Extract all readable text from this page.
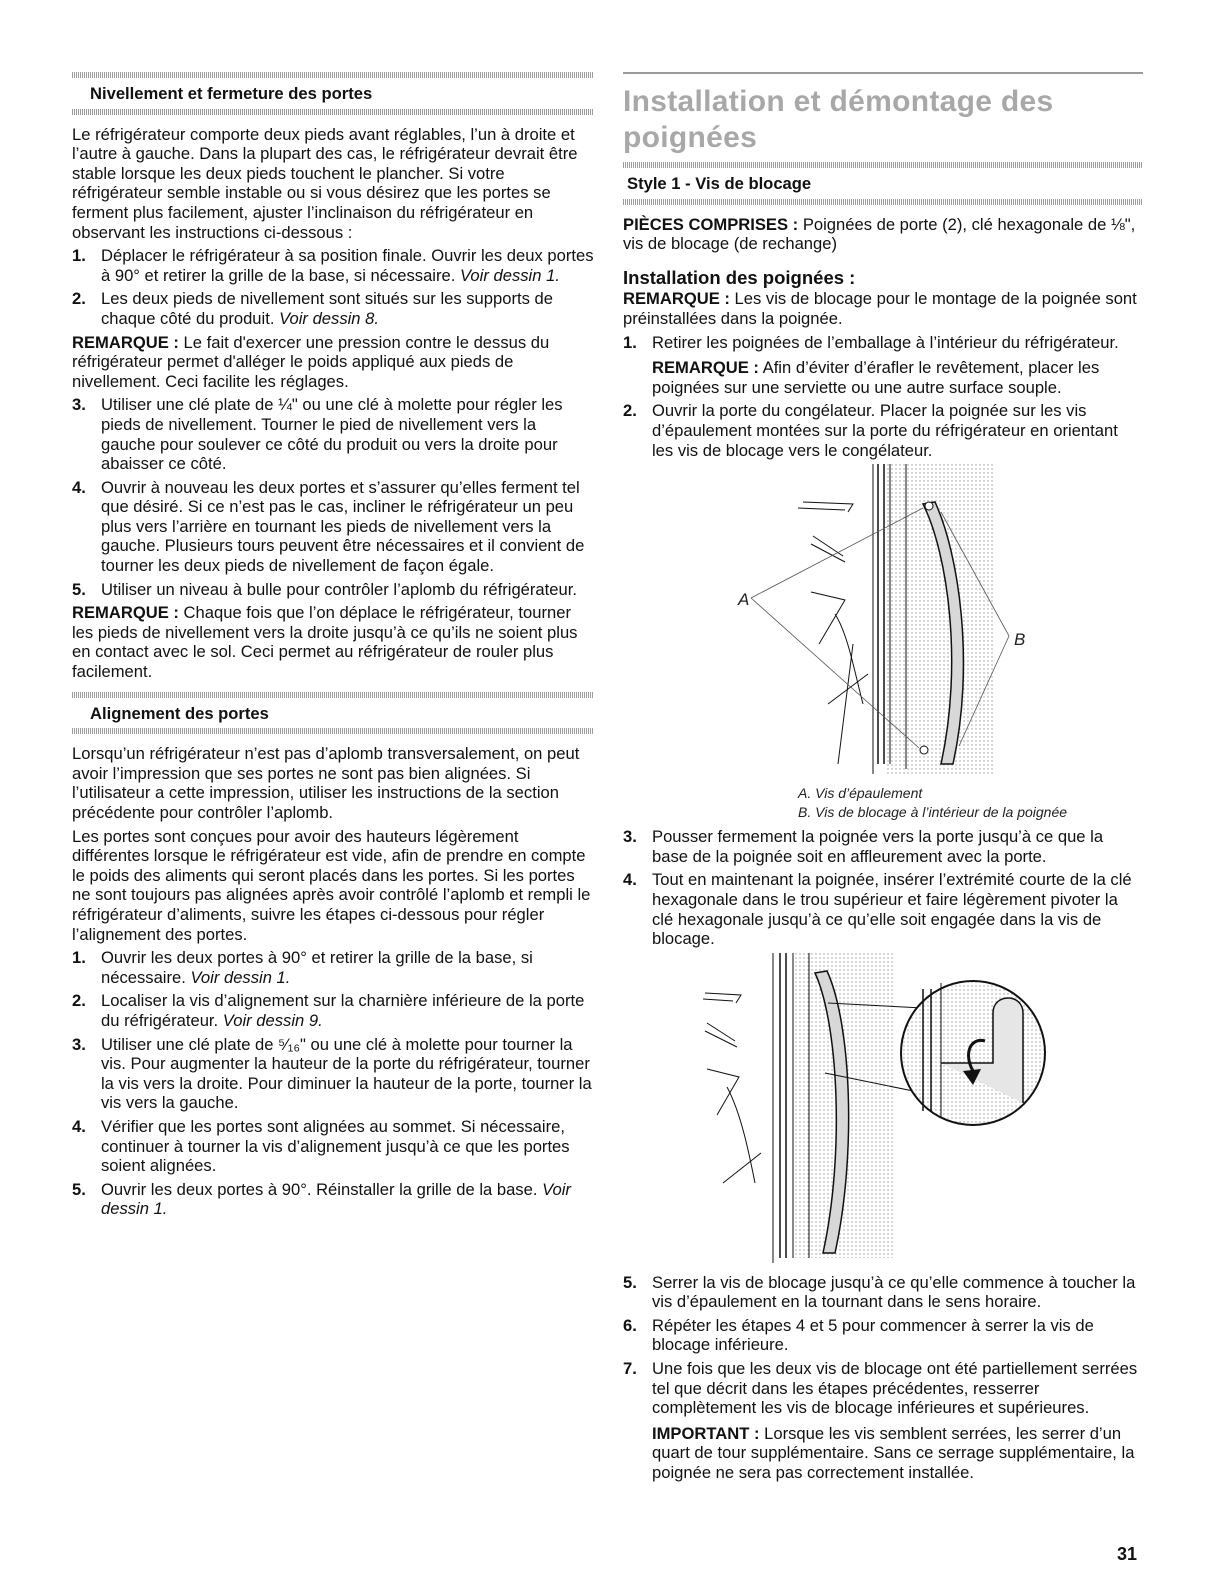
Nivellement et fermeture des portes

Le réfrigérateur comporte deux pieds avant réglables, l’un à droite et l’autre à gauche. Dans la plupart des cas, le réfrigérateur devrait être stable lorsque les deux pieds touchent le plancher. Si votre réfrigérateur semble instable ou si vous désirez que les portes se ferment plus facilement, ajuster l’inclinaison du réfrigérateur en observant les instructions ci-dessous :

1. Déplacer le réfrigérateur à sa position finale. Ouvrir les deux portes à 90° et retirer la grille de la base, si nécessaire. Voir dessin 1.
2. Les deux pieds de nivellement sont situés sur les supports de chaque côté du produit. Voir dessin 8.

REMARQUE : Le fait d'exercer une pression contre le dessus du réfrigérateur permet d'alléger le poids appliqué aux pieds de nivellement. Ceci facilite les réglages.

3. Utiliser une clé plate de ¼" ou une clé à molette pour régler les pieds de nivellement. Tourner le pied de nivellement vers la gauche pour soulever ce côté du produit ou vers la droite pour abaisser ce côté.
4. Ouvrir à nouveau les deux portes et s’assurer qu’elles ferment tel que désiré. Si ce n’est pas le cas, incliner le réfrigérateur un peu plus vers l’arrière en tournant les pieds de nivellement vers la gauche. Plusieurs tours peuvent être nécessaires et il convient de tourner les deux pieds de nivellement de façon égale.
5. Utiliser un niveau à bulle pour contrôler l’aplomb du réfrigérateur.

REMARQUE : Chaque fois que l’on déplace le réfrigérateur, tourner les pieds de nivellement vers la droite jusqu’à ce qu’ils ne soient plus en contact avec le sol. Ceci permet au réfrigérateur de rouler plus facilement.

Alignement des portes

Lorsqu’un réfrigérateur n’est pas d’aplomb transversalement, on peut avoir l’impression que ses portes ne sont pas bien alignées. Si l’utilisateur a cette impression, utiliser les instructions de la section précédente pour contrôler l’aplomb.

Les portes sont conçues pour avoir des hauteurs légèrement différentes lorsque le réfrigérateur est vide, afin de prendre en compte le poids des aliments qui seront placés dans les portes. Si les portes ne sont toujours pas alignées après avoir contrôlé l’aplomb et rempli le réfrigérateur d’aliments, suivre les étapes ci-dessous pour régler l’alignement des portes.

1. Ouvrir les deux portes à 90° et retirer la grille de la base, si nécessaire. Voir dessin 1.
2. Localiser la vis d’alignement sur la charnière inférieure de la porte du réfrigérateur. Voir dessin 9.
3. Utiliser une clé plate de ⁵⁄₁₆" ou une clé à molette pour tourner la vis. Pour augmenter la hauteur de la porte du réfrigérateur, tourner la vis vers la droite. Pour diminuer la hauteur de la porte, tourner la vis vers la gauche.
4. Vérifier que les portes sont alignées au sommet. Si nécessaire, continuer à tourner la vis d’alignement jusqu’à ce que les portes soient alignées.
5. Ouvrir les deux portes à 90°. Réinstaller la grille de la base. Voir dessin 1.
Installation et démontage des poignées
Style 1 - Vis de blocage

PIÈCES COMPRISES : Poignées de porte (2), clé hexagonale de ⅛", vis de blocage (de rechange)

Installation des poignées :

REMARQUE : Les vis de blocage pour le montage de la poignée sont préinstallées dans la poignée.

1. Retirer les poignées de l’emballage à l’intérieur du réfrigérateur.
REMARQUE : Afin d’éviter d’érafler le revêtement, placer les poignées sur une serviette ou une autre surface souple.
2. Ouvrir la porte du congélateur. Placer la poignée sur les vis d’épaulement montées sur la porte du réfrigérateur en orientant les vis de blocage vers le congélateur.
A
B
A. Vis d’épaulement
B. Vis de blocage à l’intérieur de la poignée
3. Pousser fermement la poignée vers la porte jusqu’à ce que la base de la poignée soit en affleurement avec la porte.
4. Tout en maintenant la poignée, insérer l’extrémité courte de la clé hexagonale dans le trou supérieur et faire légèrement pivoter la clé hexagonale jusqu’à ce qu’elle soit engagée dans la vis de blocage.
5. Serrer la vis de blocage jusqu’à ce qu’elle commence à toucher la vis d’épaulement en la tournant dans le sens horaire.
6. Répéter les étapes 4 et 5 pour commencer à serrer la vis de blocage inférieure.
7. Une fois que les deux vis de blocage ont été partiellement serrées tel que décrit dans les étapes précédentes, resserrer complètement les vis de blocage inférieures et supérieures.
IMPORTANT : Lorsque les vis semblent serrées, les serrer d’un quart de tour supplémentaire. Sans ce serrage supplémentaire, la poignée ne sera pas correctement installée.
31
